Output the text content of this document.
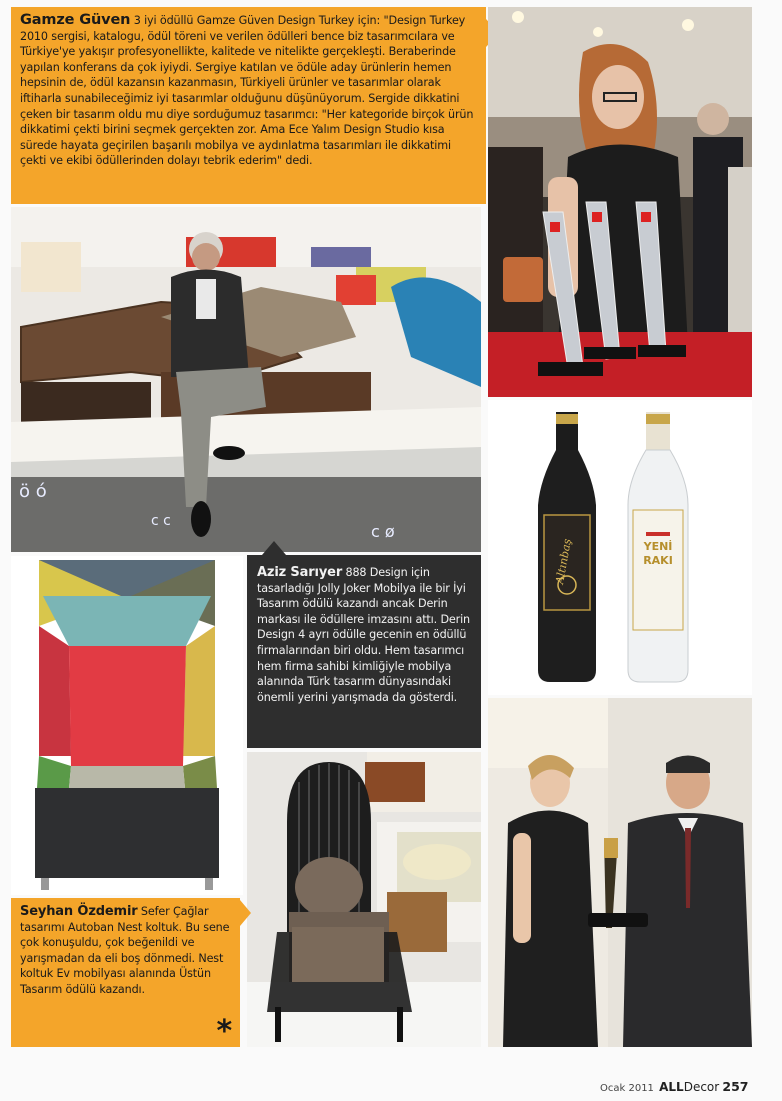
Gamze Güven 3 iyi ödüllü Gamze Güven Design Turkey için: "Design Turkey 2010 sergisi, katalogu, ödül töreni ve verilen ödülleri bence biz tasarımcılara ve Türkiye'ye yakışır profesyonellikte, kalitede ve nitelikte gerçekleşti. Beraberinde yapılan konferans da çok iyiydi. Sergiye katılan ve ödüle aday ürünlerin hemen hepsinin de, ödül kazansın kazanmasın, Türkiyeli ürünler ve tasarımlar olarak iftiharla sunabileceğimiz iyi tasarımlar olduğunu düşünüyorum. Sergide dikkatini çeken bir tasarım oldu mu diye sorduğumuz tasarımcı: "Her kategoride birçok ürün dikkatimi çekti birini seçmek gerçekten zor. Ama Ece Yalım Design Studio kısa sürede hayata geçirilen başarılı mobilya ve aydınlatma tasarımları ile dikkatimi çekti ve ekibi ödüllerinden dolayı tebrik ederim" dedi.
ӧ ό
c ᴄ
ᴄ ø
Altınbaş	YENİ
RAKI
Aziz Sarıyer 888 Design için tasarladığı Jolly Joker Mobilya ile bir İyi Tasarım ödülü kazandı ancak Derin markası ile ödüllere imzasını attı. Derin Design 4 ayrı ödülle gecenin en ödüllü firmalarından biri oldu. Hem tasarımcı hem firma sahibi kimliğiyle mobilya alanında Türk tasarım dünyasındaki önemli yerini yarışmada da gösterdi.
Seyhan Özdemir Sefer Çağlar tasarımı Autoban Nest koltuk. Bu sene çok konuşuldu, çok beğenildi ve yarışmadan da eli boş dönmedi. Nest koltuk Ev mobilyası alanında Üstün Tasarım ödülü kazandı.
*
Ocak 2011 ALLDecor 257
